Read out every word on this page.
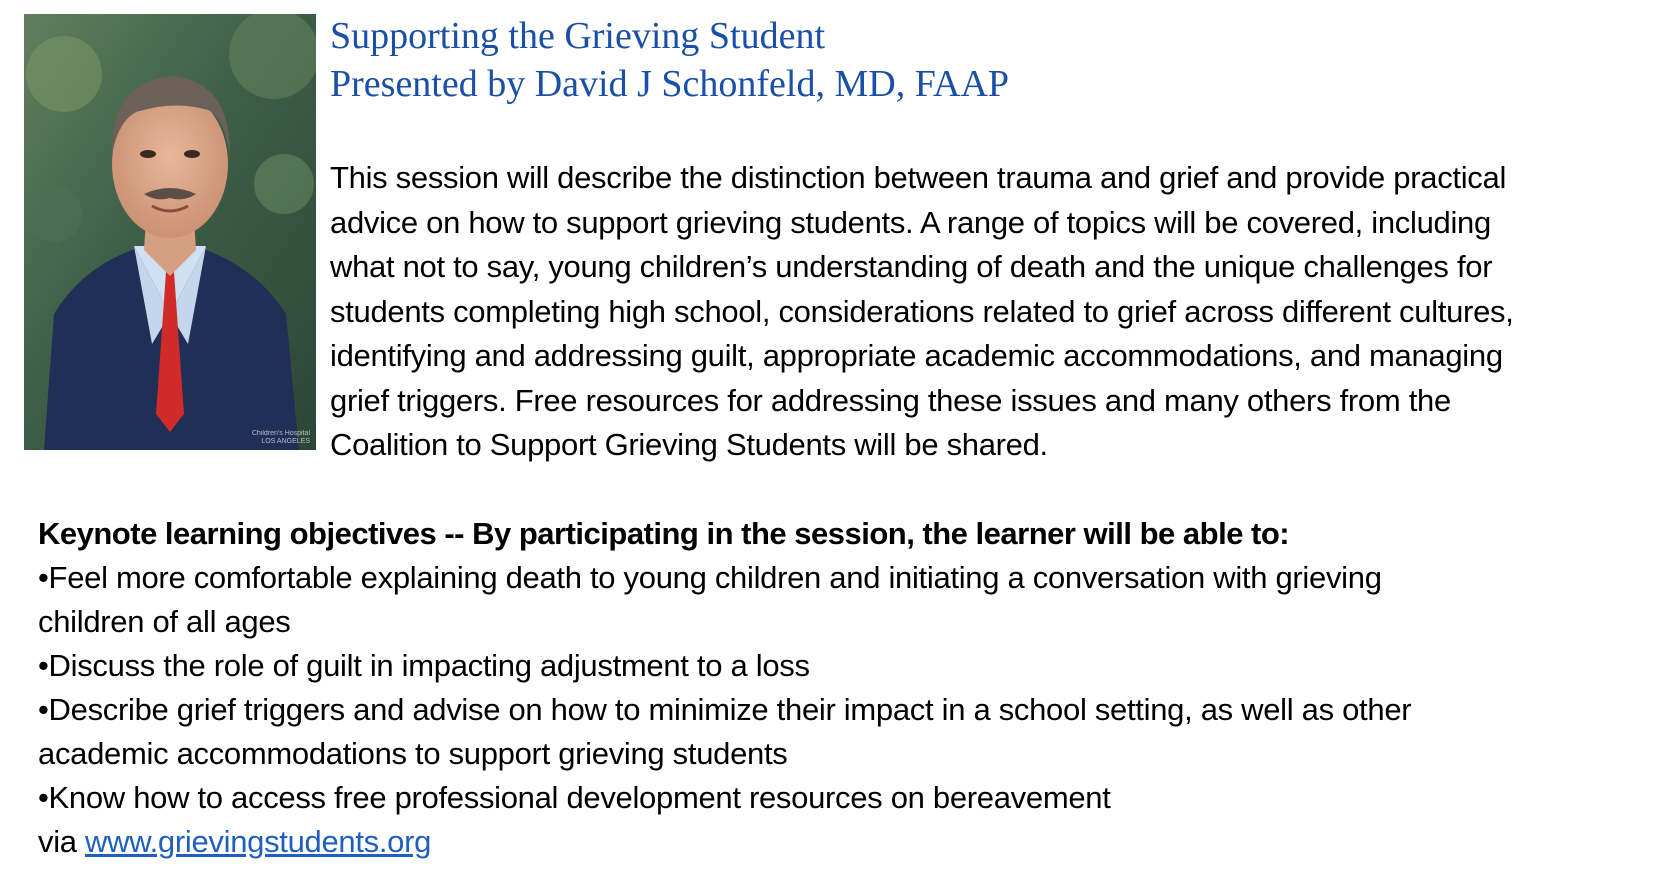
Children's Hospital
LOS ANGELES
Supporting the Grieving Student
Presented by David J Schonfeld, MD, FAAP
This session will describe the distinction between trauma and grief and provide practical
advice on how to support grieving students. A range of topics will be covered, including
what not to say, young children’s understanding of death and the unique challenges for
students completing high school, considerations related to grief across different cultures,
identifying and addressing guilt, appropriate academic accommodations, and managing
grief triggers. Free resources for addressing these issues and many others from the
Coalition to Support Grieving Students will be shared.
Keynote learning objectives -- By participating in the session, the learner will be able to:
•Feel more comfortable explaining death to young children and initiating a conversation with grieving
children of all ages
•Discuss the role of guilt in impacting adjustment to a loss
•Describe grief triggers and advise on how to minimize their impact in a school setting, as well as other
academic accommodations to support grieving students
•Know how to access free professional development resources on bereavement
via www.grievingstudents.org
